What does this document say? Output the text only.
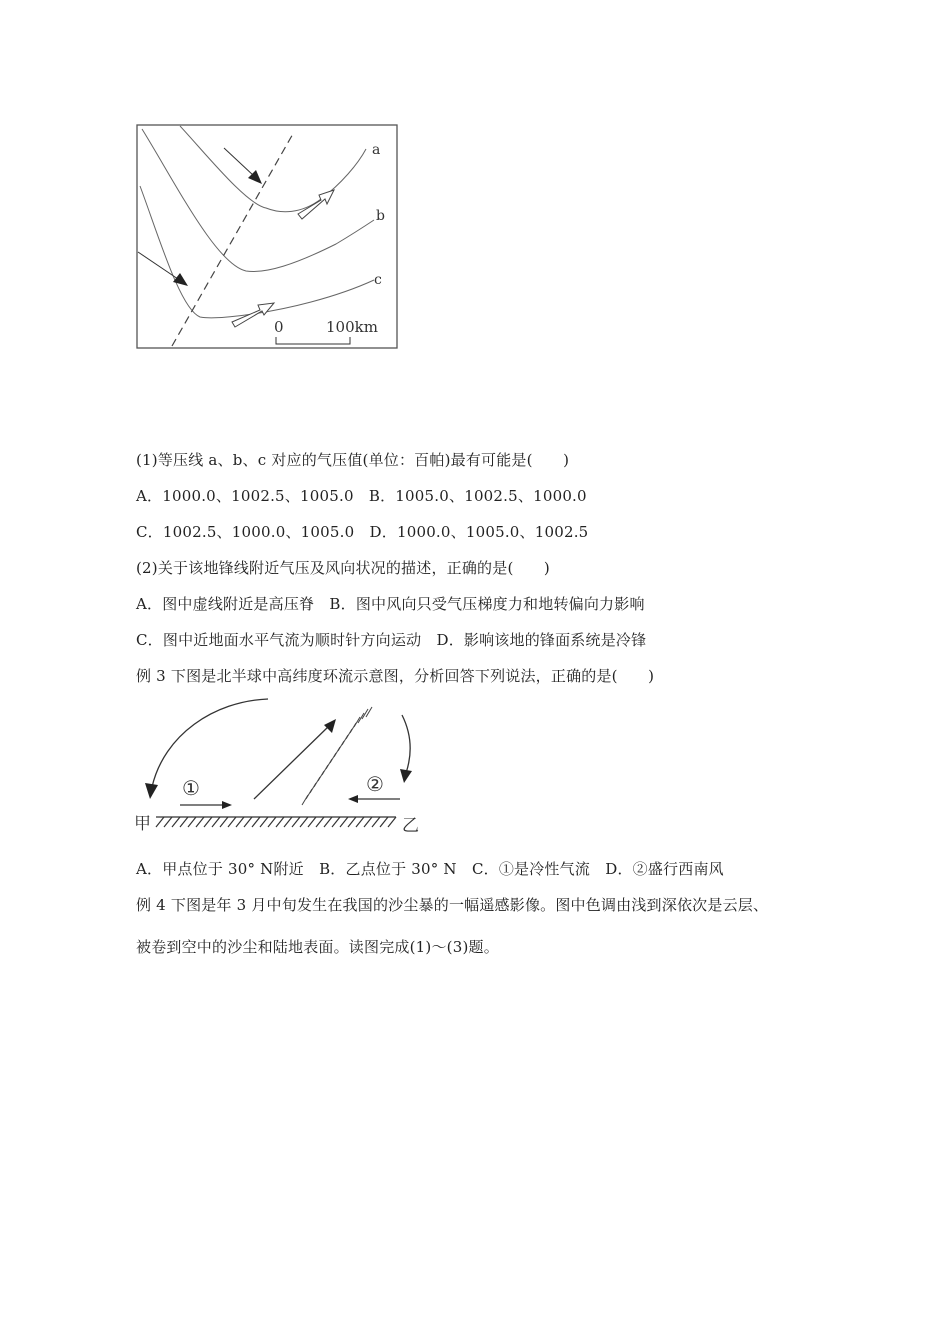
a
b
c
0	100km
(1)等压线 a、b、c 对应的气压值(单位：百帕)最有可能是(　　)
A．1000.0、1002.5、1005.0　B．1005.0、1002.5、1000.0
C．1002.5、1000.0、1005.0　D．1000.0、1005.0、1002.5
(2)关于该地锋线附近气压及风向状况的描述，正确的是(　　)
A．图中虚线附近是高压脊　B．图中风向只受气压梯度力和地转偏向力影响
C．图中近地面水平气流为顺时针方向运动　D．影响该地的锋面系统是冷锋
例 3 下图是北半球中高纬度环流示意图，分析回答下列说法，正确的是(　　)
①	②
甲	乙
A．甲点位于 30° N附近　B．乙点位于 30° N　C．①是冷性气流　D．②盛行西南风
例 4 下图是年 3 月中旬发生在我国的沙尘暴的一幅遥感影像。图中色调由浅到深依次是云层、
被卷到空中的沙尘和陆地表面。读图完成(1)～(3)题。
